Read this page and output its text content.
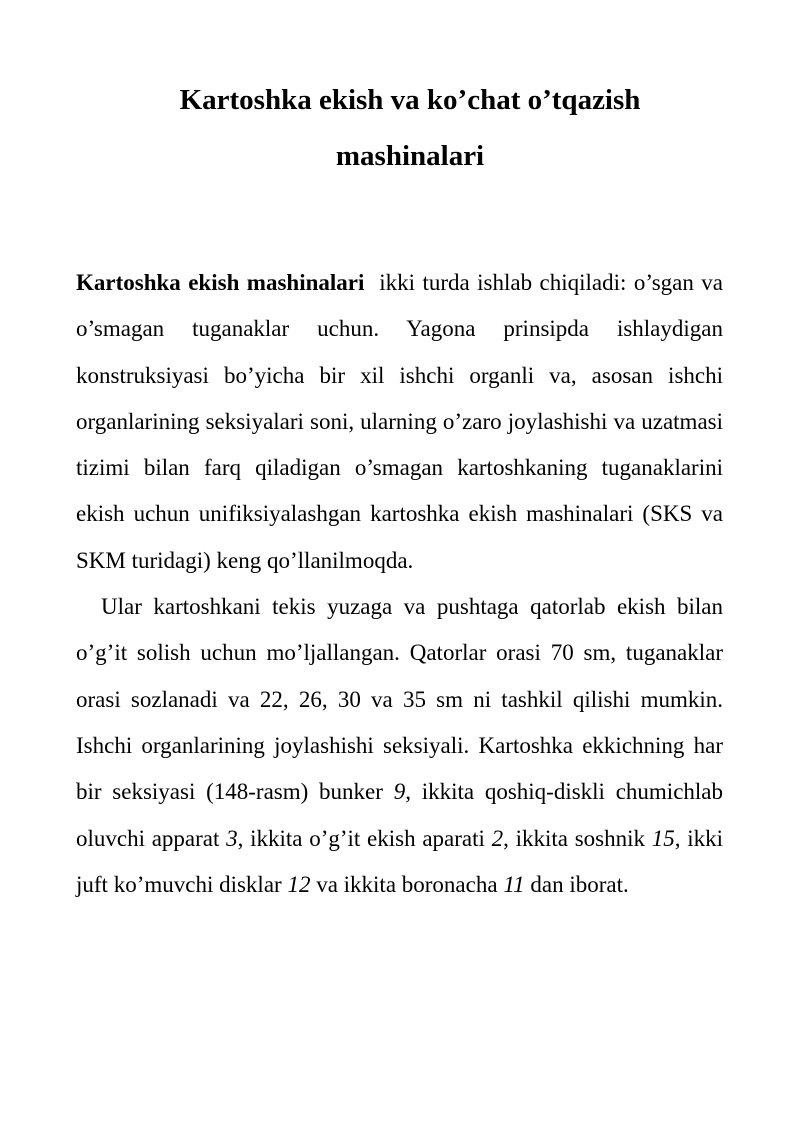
Kartoshka ekish va ko’chat o’tqazish
mashinalari

Kartoshka ekish mashinalari  ikki turda ishlab chiqiladi: o’sgan va o’smagan tuganaklar uchun. Yagona prinsipda ishlaydigan konstruksiyasi bo’yicha bir xil ishchi organli va, asosan ishchi organlarining seksiyalari soni, ularning o’zaro joylashishi va uzatmasi tizimi bilan farq qiladigan o’smagan kartoshkaning tuganaklarini ekish uchun unifiksiyalashgan kartoshka ekish mashinalari (SKS va SKM turidagi) keng qo’llanilmoqda.

Ular kartoshkani tekis yuzaga va pushtaga qatorlab ekish bilan o’g’it solish uchun mo’ljallangan. Qatorlar orasi 70 sm, tuganaklar orasi sozlanadi va 22, 26, 30 va 35 sm ni tashkil qilishi mumkin. Ishchi organlarining joylashishi seksiyali. Kartoshka ekkichning har bir seksiyasi (148-rasm) bunker 9, ikkita qoshiq-diskli chumichlab oluvchi apparat 3, ikkita o’g’it ekish aparati 2, ikkita soshnik 15, ikki juft ko’muvchi disklar 12 va ikkita boronacha 11 dan iborat.
